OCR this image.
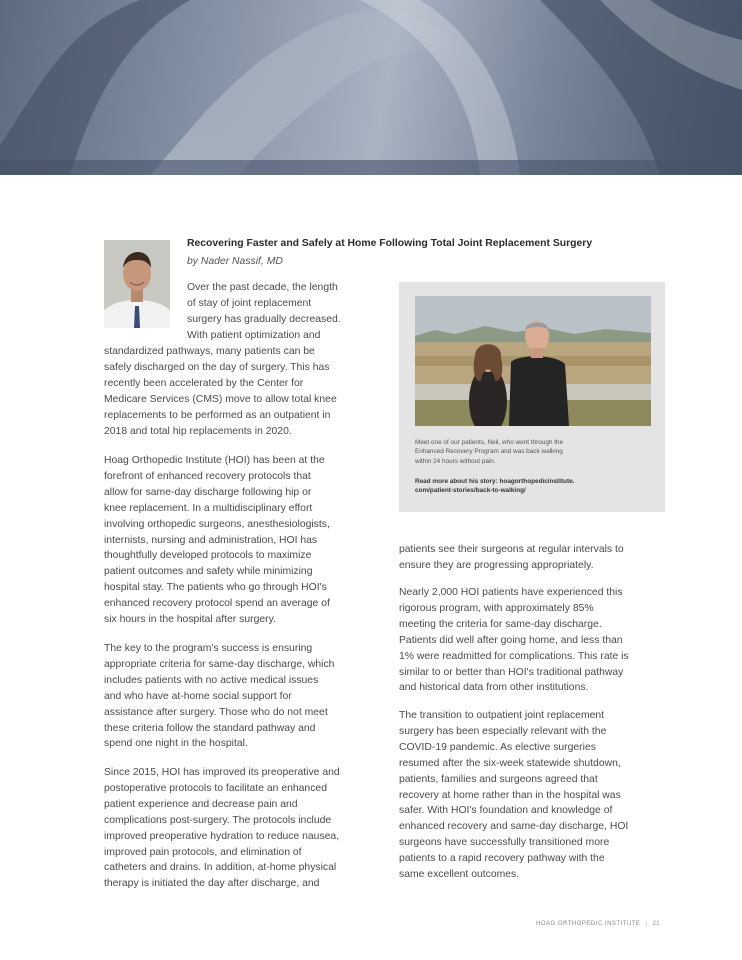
Recovering Faster and Safely at Home Following Total Joint Replacement Surgery
by Nader Nassif, MD
Over the past decade, the length
of stay of joint replacement
surgery has gradually decreased.
With patient optimization and
standardized pathways, many patients can be
safely discharged on the day of surgery. This has
recently been accelerated by the Center for
Medicare Services (CMS) move to allow total knee
replacements to be performed as an outpatient in
2018 and total hip replacements in 2020.
Hoag Orthopedic Institute (HOI) has been at the
forefront of enhanced recovery protocols that
allow for same-day discharge following hip or
knee replacement. In a multidisciplinary effort
involving orthopedic surgeons, anesthesiologists,
internists, nursing and administration, HOI has
thoughtfully developed protocols to maximize
patient outcomes and safety while minimizing
hospital stay. The patients who go through HOI's
enhanced recovery protocol spend an average of
six hours in the hospital after surgery.
The key to the program's success is ensuring
appropriate criteria for same-day discharge, which
includes patients with no active medical issues
and who have at-home social support for
assistance after surgery. Those who do not meet
these criteria follow the standard pathway and
spend one night in the hospital.
Since 2015, HOI has improved its preoperative and
postoperative protocols to facilitate an enhanced
patient experience and decrease pain and
complications post-surgery. The protocols include
improved preoperative hydration to reduce nausea,
improved pain protocols, and elimination of
catheters and drains. In addition, at-home physical
therapy is initiated the day after discharge, and
Meet one of our patients, Neil, who went through the
Enhanced Recovery Program and was back walking
within 24 hours without pain.
Read more about his story: hoagorthopedicinstitute.
com/patient-stories/back-to-walking/
patients see their surgeons at regular intervals to
ensure they are progressing appropriately.
Nearly 2,000 HOI patients have experienced this
rigorous program, with approximately 85%
meeting the criteria for same-day discharge.
Patients did well after going home, and less than
1% were readmitted for complications. This rate is
similar to or better than HOI's traditional pathway
and historical data from other institutions.
The transition to outpatient joint replacement
surgery has been especially relevant with the
COVID-19 pandemic. As elective surgeries
resumed after the six-week statewide shutdown,
patients, families and surgeons agreed that
recovery at home rather than in the hospital was
safer. With HOI's foundation and knowledge of
enhanced recovery and same-day discharge, HOI
surgeons have successfully transitioned more
patients to a rapid recovery pathway with the
same excellent outcomes.
HOAG ORTHOPEDIC INSTITUTE | 21
